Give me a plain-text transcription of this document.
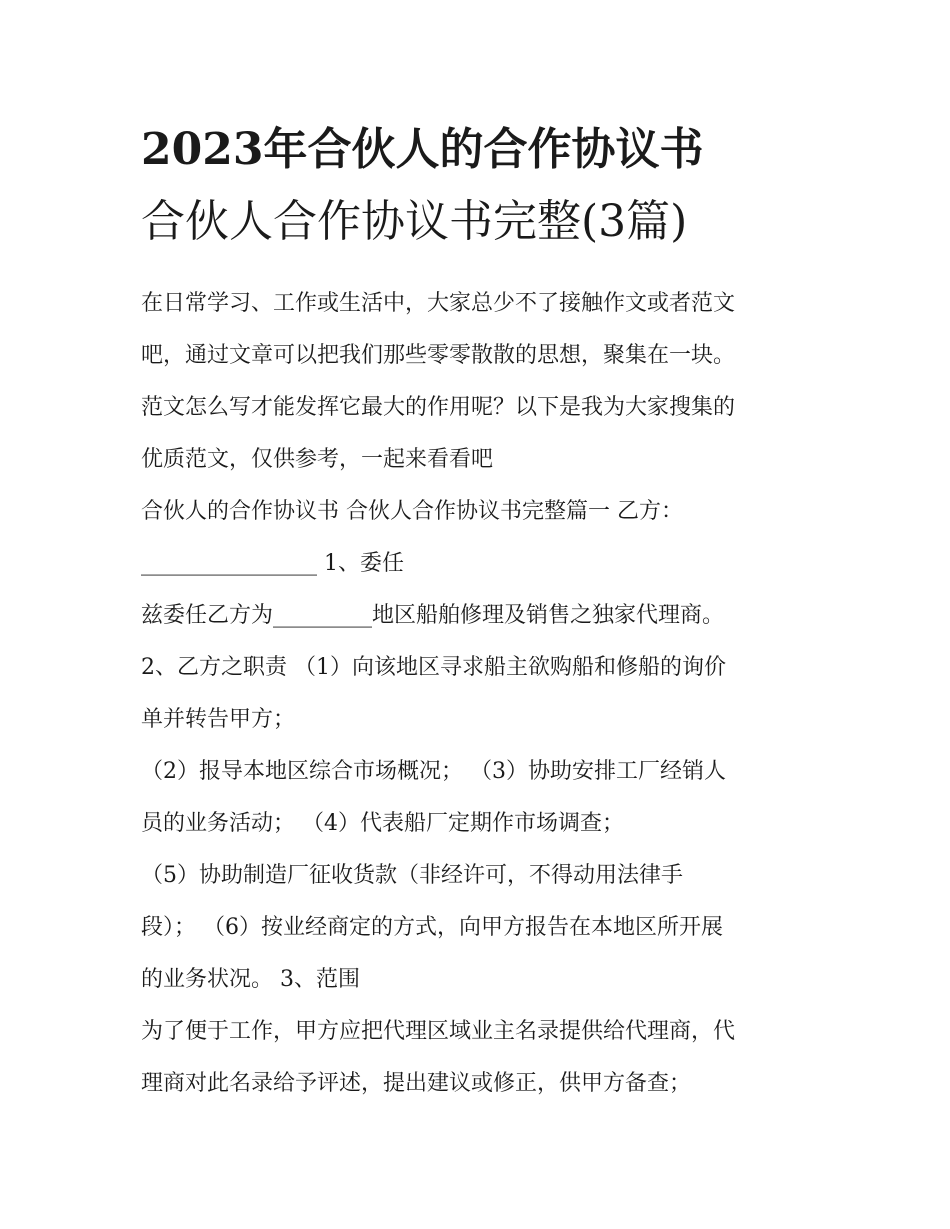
2023年合伙人的合作协议书
合伙人合作协议书完整(3篇)
在日常学习、工作或生活中，大家总少不了接触作文或者范文
吧，通过文章可以把我们那些零零散散的思想，聚集在一块。
范文怎么写才能发挥它最大的作用呢？以下是我为大家搜集的
优质范文，仅供参考，一起来看看吧
合伙人的合作协议书 合伙人合作协议书完整篇一 乙方：
________________ 1、委任
兹委任乙方为_________地区船舶修理及销售之独家代理商。
2、乙方之职责 （1）向该地区寻求船主欲购船和修船的询价
单并转告甲方；
（2）报导本地区综合市场概况； （3）协助安排工厂经销人
员的业务活动； （4）代表船厂定期作市场调查；
（5）协助制造厂征收货款（非经许可，不得动用法律手
段）； （6）按业经商定的方式，向甲方报告在本地区所开展
的业务状况。 3、范围
为了便于工作，甲方应把代理区域业主名录提供给代理商，代
理商对此名录给予评述，提出建议或修正，供甲方备查；
